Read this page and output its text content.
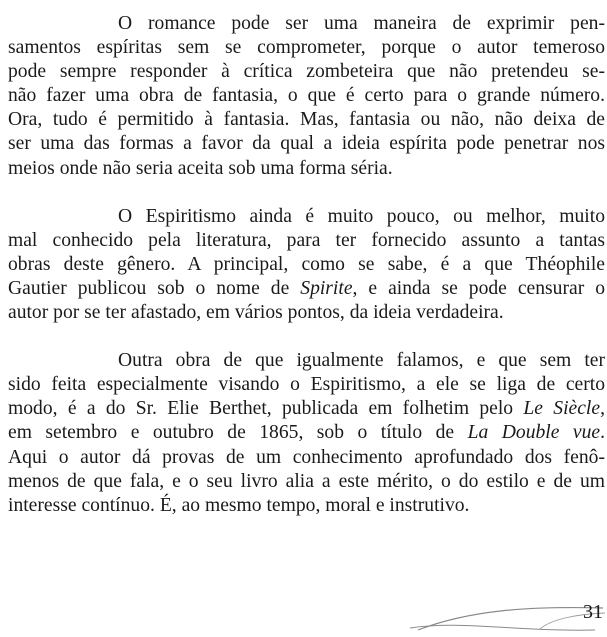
O romance pode ser uma maneira de exprimir pen-
samentos espíritas sem se comprometer, porque o autor temeroso
pode sempre responder à crítica zombeteira que não pretendeu se-
não fazer uma obra de fantasia, o que é certo para o grande número.
Ora, tudo é permitido à fantasia. Mas, fantasia ou não, não deixa de
ser uma das formas a favor da qual a ideia espírita pode penetrar nos
meios onde não seria aceita sob uma forma séria.
O Espiritismo ainda é muito pouco, ou melhor, muito
mal conhecido pela literatura, para ter fornecido assunto a tantas
obras deste gênero. A principal, como se sabe, é a que Théophile
Gautier publicou sob o nome de Spirite, e ainda se pode censurar o
autor por se ter afastado, em vários pontos, da ideia verdadeira.
Outra obra de que igualmente falamos, e que sem ter
sido feita especialmente visando o Espiritismo, a ele se liga de certo
modo, é a do Sr. Elie Berthet, publicada em folhetim pelo Le Siècle,
em setembro e outubro de 1865, sob o título de La Double vue.
Aqui o autor dá provas de um conhecimento aprofundado dos fenô-
menos de que fala, e o seu livro alia a este mérito, o do estilo e de um
interesse contínuo. É, ao mesmo tempo, moral e instrutivo.
31
